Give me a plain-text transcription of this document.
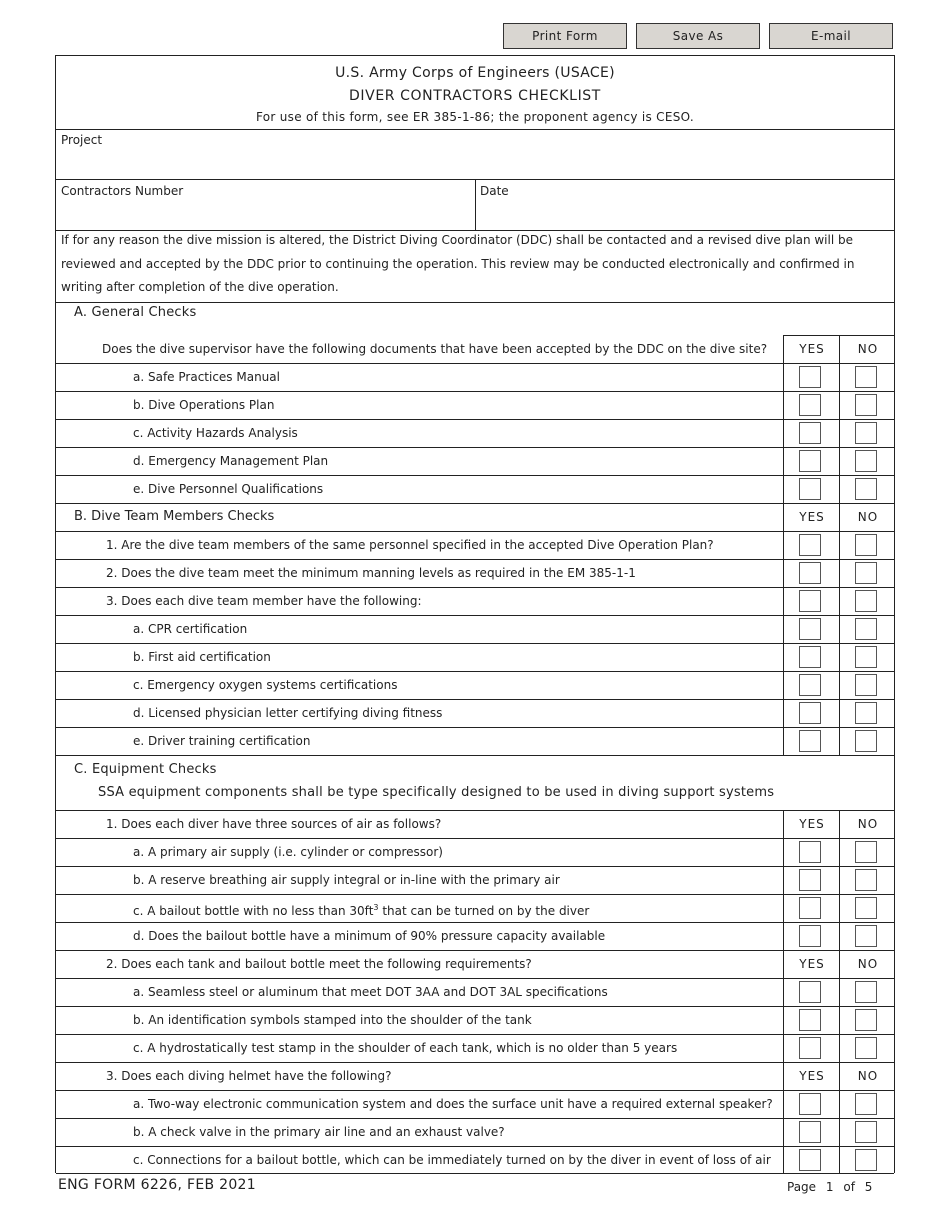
Print Form	Save As	E-mail
U.S. Army Corps of Engineers (USACE)
DIVER CONTRACTORS CHECKLIST
For use of this form, see ER 385-1-86; the proponent agency is CESO.
Project
Contractors Number	Date
If for any reason the dive mission is altered, the District Diving Coordinator (DDC) shall be contacted and a revised dive plan will be reviewed and accepted by the DDC prior to continuing the operation. This review may be conducted electronically and confirmed in writing after completion of the dive operation.
A. General Checks
Does the dive supervisor have the following documents that have been accepted by the DDC on the dive site?	YES	NO
a. Safe Practices Manual
b. Dive Operations Plan
c. Activity Hazards Analysis
d. Emergency Management Plan
e. Dive Personnel Qualifications
B. Dive Team Members Checks	YES	NO
1. Are the dive team members of the same personnel specified in the accepted Dive Operation Plan?
2. Does the dive team meet the minimum manning levels as required in the EM 385-1-1
3. Does each dive team member have the following:
a. CPR certification
b. First aid certification
c. Emergency oxygen systems certifications
d. Licensed physician letter certifying diving fitness
e. Driver training certification
C. Equipment Checks
SSA equipment components shall be type specifically designed to be used in diving support systems
1. Does each diver have three sources of air as follows?	YES	NO
a. A primary air supply (i.e. cylinder or compressor)
b. A reserve breathing air supply integral or in-line with the primary air
c. A bailout bottle with no less than $30ft^3$ that can be turned on by the diver
d. Does the bailout bottle have a minimum of 90% pressure capacity available
2. Does each tank and bailout bottle meet the following requirements?	YES	NO
a. Seamless steel or aluminum that meet DOT 3AA and DOT 3AL specifications
b. An identification symbols stamped into the shoulder of the tank
c. A hydrostatically test stamp in the shoulder of each tank, which is no older than 5 years
3. Does each diving helmet have the following?	YES	NO
a. Two-way electronic communication system and does the surface unit have a required external speaker?
b. A check valve in the primary air line and an exhaust valve?
c. Connections for a bailout bottle, which can be immediately turned on by the diver in event of loss of air
ENG FORM 6226, FEB 2021	Page 1 of 5
